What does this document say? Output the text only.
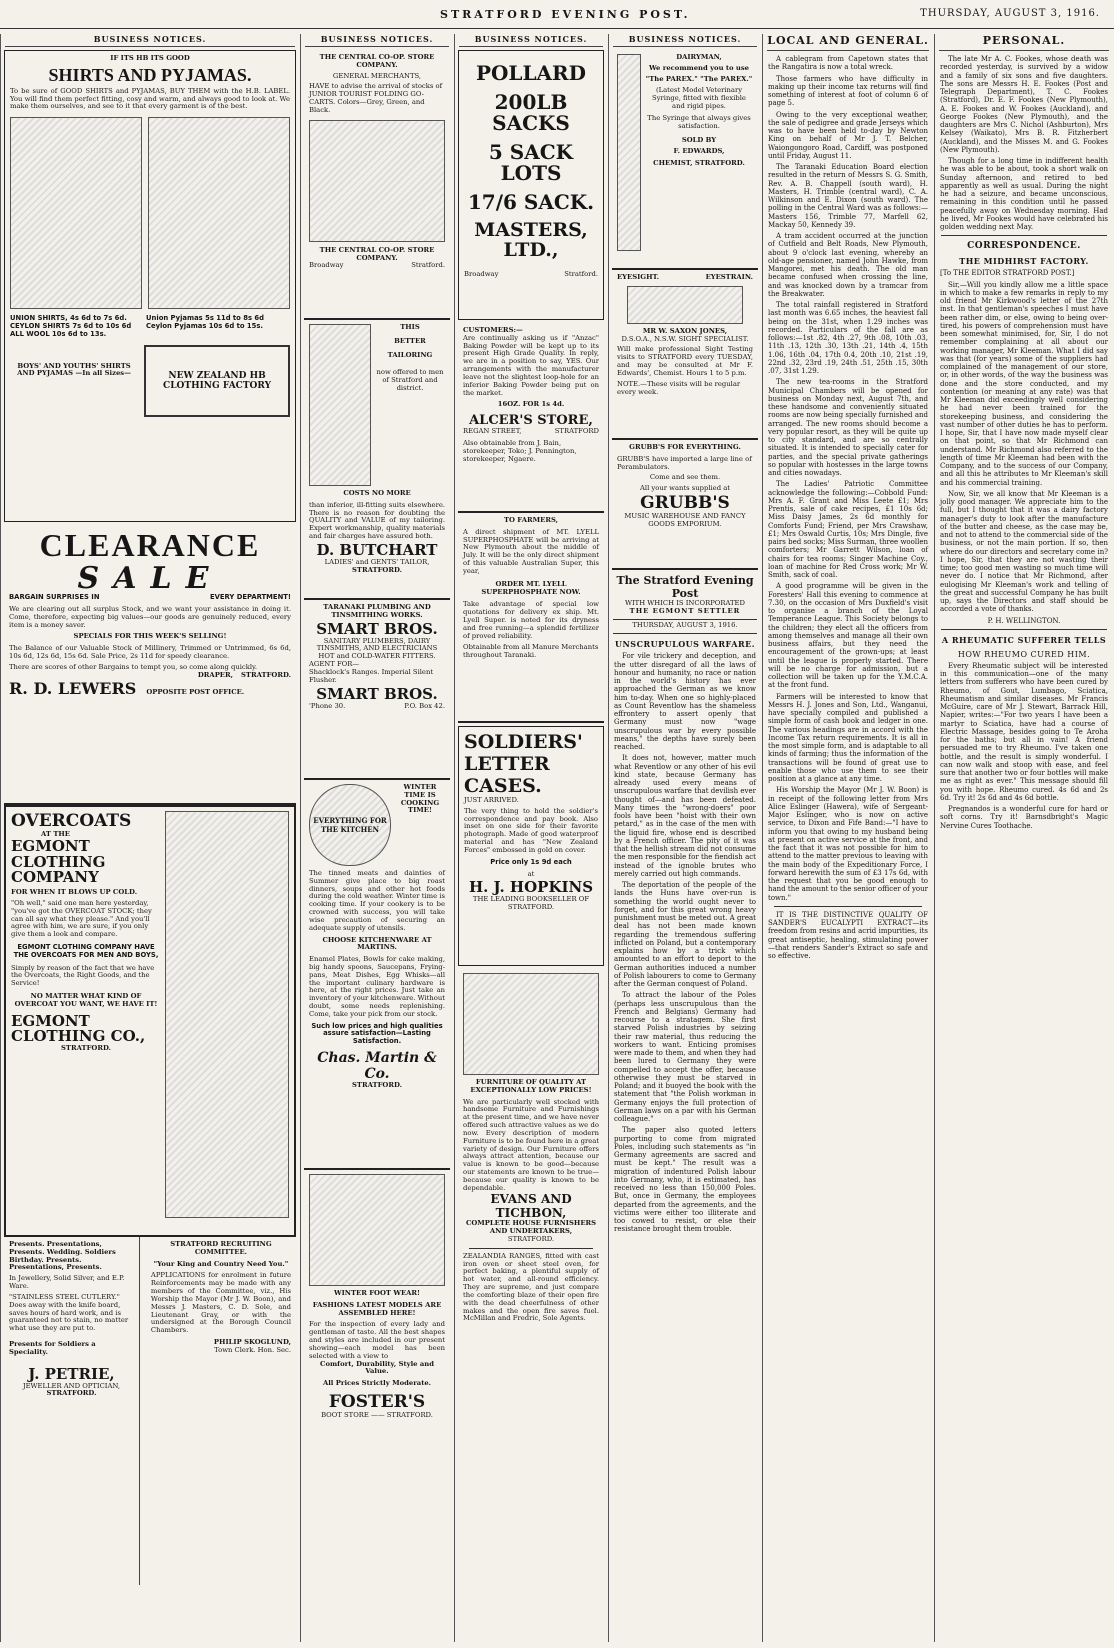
STRATFORD EVENING POST.	THURSDAY, AUGUST 3, 1916.
BUSINESS NOTICES.
IF ITS HB ITS GOOD
SHIRTS AND PYJAMAS.
To be sure of GOOD SHIRTS and PYJAMAS, BUY THEM with the H.B. LABEL. You will find them perfect fitting, cosy and warm, and always good to look at. We make them ourselves, and see to it that every garment is of the best.
UNION SHIRTS, 4s 6d to 7s 6d. CEYLON SHIRTS 7s 6d to 10s 6d ALL WOOL 10s 6d to 13s.
Union Pyjamas 5s 11d to 8s 6d Ceylon Pyjamas 10s 6d to 15s.
BOYS' AND YOUTHS' SHIRTS AND PYJAMAS —In all Sizes—	NEW ZEALAND HB CLOTHING FACTORY
CLEARANCE
SALE
BARGAIN SURPRISES IN	EVERY DEPARTMENT!
We are clearing out all surplus Stock, and we want your assistance in doing it. Come, therefore, expecting big values—our goods are genuinely reduced, every item is a money saver.
SPECIALS FOR THIS WEEK'S SELLING!
The Balance of our Valuable Stock of Millinery, Trimmed or Untrimmed, 6s 6d, 10s 6d, 12s 6d, 15s 6d. Sale Price, 2s 11d for speedy clearance.
There are scores of other Bargains to tempt you, so come along quickly.
DRAPER, STRATFORD.
R. D. LEWERS OPPOSITE POST OFFICE.
OVERCOATS
AT THE
EGMONT CLOTHING COMPANY
FOR WHEN IT BLOWS UP COLD.
"Oh well," said one man here yesterday, "you've got the OVERCOAT STOCK; they can all say what they please." And you'll agree with him, we are sure, if you only give them a look and compare.
EGMONT CLOTHING COMPANY HAVE THE OVERCOATS FOR MEN AND BOYS,
Simply by reason of the fact that we have the Overcoats, the Right Goods, and the Service!
NO MATTER WHAT KIND OF OVERCOAT YOU WANT, WE HAVE IT!
EGMONT CLOTHING CO.,
STRATFORD.
Presents. Presentations, Presents. Wedding. Soldiers Birthday. Presents. Presentations, Presents.
In Jewellery, Solid Silver, and E.P. Ware.
"STAINLESS STEEL CUTLERY." Does away with the knife board, saves hours of hard work, and is guaranteed not to stain, no matter what use they are put to.
Presents for Soldiers a Speciality.
J. PETRIE,
JEWELLER AND OPTICIAN,
STRATFORD.
STRATFORD RECRUITING COMMITTEE.
"Your King and Country Need You."
APPLICATIONS for enrolment in future Reinforcements may be made with any members of the Committee, viz., His Worship the Mayor (Mr J. W. Boon), and Messrs J. Masters, C. D. Sole, and Lieutenant Gray, or with the undersigned at the Borough Council Chambers.
PHILIP SKOGLUND,
Town Clerk. Hon. Sec.
BUSINESS NOTICES.
THE CENTRAL CO-OP. STORE COMPANY.
GENERAL MERCHANTS,
HAVE to advise the arrival of stocks of JUNIOR TOURIST FOLDING GO-CARTS. Colors—Grey, Green, and Black.
THE CENTRAL CO-OP. STORE COMPANY.
Broadway	Stratford.
THIS
BETTER
TAILORING
now offered to men of Stratford and district.
COSTS NO MORE
than inferior, ill-fitting suits elsewhere. There is no reason for doubting the QUALITY and VALUE of my tailoring. Expert workmanship, quality materials and fair charges have assured both.
D. BUTCHART
LADIES' and GENTS' TAILOR,
STRATFORD.
TARANAKI PLUMBING AND TINSMITHING WORKS.
SMART BROS.
SANITARY PLUMBERS, DAIRY TINSMITHS, AND ELECTRICIANS
HOT and COLD-WATER FITTERS.
AGENT FOR—
Shacklock's Ranges. Imperial Silent Flusher.
SMART BROS.
'Phone 30.	P.O. Box 42.
EVERYTHING FOR THE KITCHEN
WINTER TIME IS COOKING TIME!
The tinned meats and dainties of Summer give place to big roast dinners, soups and other hot foods during the cold weather. Winter time is cooking time. If your cookery is to be crowned with success, you will take wise precaution of securing an adequate supply of utensils.
CHOOSE KITCHENWARE AT MARTINS.
Enamel Plates, Bowls for cake making, big handy spoons, Saucepans, Frying-pans, Meat Dishes, Egg Whisks—all the important culinary hardware is here, at the right prices. Just take an inventory of your kitchenware. Without doubt, some needs replenishing. Come, take your pick from our stock.
Such low prices and high qualities assure satisfaction—Lasting Satisfaction.
Chas. Martin & Co.
STRATFORD.
WINTER FOOT WEAR!
FASHIONS LATEST MODELS ARE ASSEMBLED HERE!
For the inspection of every lady and gentleman of taste. All the best shapes and styles are included in our present showing—each model has been selected with a view to
Comfort, Durability, Style and Value.
All Prices Strictly Moderate.
FOSTER'S
BOOT STORE —— STRATFORD.
BUSINESS NOTICES.
POLLARD
200LB SACKS
5 SACK LOTS
17/6 SACK.
MASTERS, LTD.,
Broadway	Stratford.
CUSTOMERS:—
Are continually asking us if "Anzac" Baking Powder will be kept up to its present High Grade Quality. In reply, we are in a position to say, YES. Our arrangements with the manufacturer leave not the slightest loop-hole for an inferior Baking Powder being put on the market.
16OZ. FOR 1s 4d.
ALCER'S STORE,
REGAN STREET,	STRATFORD
Also obtainable from J. Bain, storekeeper, Toko; J. Pennington, storekeeper, Ngaere.
TO FARMERS,
A direct shipment of MT. LYELL SUPERPHOSPHATE will be arriving at New Plymouth about the middle of July. It will be the only direct shipment of this valuable Australian Super, this year,
ORDER MT. LYELL SUPERPHOSPHATE NOW.
Take advantage of special low quotations for delivery ex ship. Mt. Lyell Super. is noted for its dryness and free running—a splendid fertilizer of proved reliability.
Obtainable from all Manure Merchants throughout Taranaki.
SOLDIERS'
LETTER
CASES.
JUST ARRIVED.
The very thing to hold the soldier's correspondence and pay book. Also inset on one side for their favorite photograph. Made of good waterproof material and has "New Zealand Forces" embossed in gold on cover.
Price only 1s 9d each
at
H. J. HOPKINS
THE LEADING BOOKSELLER OF STRATFORD.
FURNITURE OF QUALITY AT EXCEPTIONALLY LOW PRICES!
We are particularly well stocked with handsome Furniture and Furnishings at the present time, and we have never offered such attractive values as we do now. Every description of modern Furniture is to be found here in a great variety of design. Our Furniture offers always attract attention, because our value is known to be good—because our statements are known to be true—because our quality is known to be dependable.
EVANS AND TICHBON,
COMPLETE HOUSE FURNISHERS AND UNDERTAKERS,
STRATFORD.
ZEALANDIA RANGES, fitted with cast iron oven or sheet steel oven, for perfect baking, a plentiful supply of hot water, and all-round efficiency. They are supreme, and just compare the comforting blaze of their open fire with the dead cheerfulness of other makes and the open fire saves fuel. McMillan and Fredric, Sole Agents.
BUSINESS NOTICES.
DAIRYMAN,
We recommend you to use
"The PAREX." "The PAREX."
(Latest Model Veterinary Syringe, fitted with flexible and rigid pipes.
The Syringe that always gives satisfaction.
SOLD BY
F. EDWARDS,
CHEMIST, STRATFORD.
EYESIGHT.	EYESTRAIN.
MR W. SAXON JONES,
D.S.O.A., N.S.W. SIGHT SPECIALIST.
Will make professional Sight Testing visits to STRATFORD every TUESDAY, and may be consulted at Mr F. Edwards', Chemist. Hours 1 to 5 p.m.
NOTE.—These visits will be regular every week.
GRUBB'S FOR EVERYTHING.
GRUBB'S have imported a large line of Perambulators.
Come and see them.
All your wants supplied at
GRUBB'S
MUSIC WAREHOUSE AND FANCY GOODS EMPORIUM.
The Stratford Evening Post
WITH WHICH IS INCORPORATED
THE EGMONT SETTLER
THURSDAY, AUGUST 3, 1916.
UNSCRUPULOUS WARFARE.

For vile trickery and deception, and the utter disregard of all the laws of honour and humanity, no race or nation in the world's history has ever approached the German as we know him to-day. When one so highly-placed as Count Reventlow has the shameless effrontery to assert openly that Germany must now "wage unscrupulous war by every possible means," the depths have surely been reached.

It does not, however, matter much what Reventlow or any other of his evil kind state, because Germany has already used every means of unscrupulous warfare that devilish ever thought of—and has been defeated. Many times the "wrong-doers" poor fools have been "hoist with their own petard," as in the case of the men with the liquid fire, whose end is described by a French officer. The pity of it was that the hellish stream did not consume the men responsible for the fiendish act instead of the ignoble brutes who merely carried out high commands.

The deportation of the people of the lands the Huns have over-run is something the world ought never to forget, and for this great wrong heavy punishment must be meted out. A great deal has not been made known regarding the tremendous suffering inflicted on Poland, but a contemporary explains how by a trick which amounted to an effort to deport to the German authorities induced a number of Polish labourers to come to Germany after the German conquest of Poland.

To attract the labour of the Poles (perhaps less unscrupulous than the French and Belgians) Germany had recourse to a stratagem. She first starved Polish industries by seizing their raw material, thus reducing the workers to want. Enticing promises were made to them, and when they had been lured to Germany they were compelled to accept the offer, because otherwise they must be starved in Poland; and it buoyed the book with the statement that "the Polish workman in Germany enjoys the full protection of German laws on a par with his German colleague."

The paper also quoted letters purporting to come from migrated Poles, including such statements as "in Germany agreements are sacred and must be kept." The result was a migration of indentured Polish labour into Germany, who, it is estimated, has received no less than 150,000 Poles. But, once in Germany, the employees departed from the agreements, and the victims were either too illiterate and too cowed to resist, or else their resistance brought them trouble.

LOCAL AND GENERAL.

A cablegram from Capetown states that the Rangatira is now a total wreck.

Those farmers who have difficulty in making up their income tax returns will find something of interest at foot of column 6 of page 5.

Owing to the very exceptional weather, the sale of pedigree and grade Jerseys which was to have been held to-day by Newton King on behalf of Mr J. T. Belcher, Waiongongoro Road, Cardiff, was postponed until Friday, August 11.

The Taranaki Education Board election resulted in the return of Messrs S. G. Smith, Rev. A. B. Chappell (south ward), H. Masters, H. Trimble (central ward), C. A. Wilkinson and E. Dixon (south ward). The polling in the Central Ward was as follows:—Masters 156, Trimble 77, Marfell 62, Mackay 50, Kennedy 39.

A tram accident occurred at the junction of Cutfield and Belt Roads, New Plymouth, about 9 o'clock last evening, whereby an old-age pensioner, named John Hawke, from Mangorei, met his death. The old man became confused when crossing the line, and was knocked down by a tramcar from the Breakwater.

The total rainfall registered in Stratford last month was 6.65 inches, the heaviest fall being on the 31st, when 1.29 inches was recorded. Particulars of the fall are as follows:—1st .82, 4th .27, 9th .08, 10th .03, 11th .13, 12th .30, 13th .21, 14th .4, 15th 1.06, 16th .04, 17th 0.4, 20th .10, 21st .19, 22nd .32, 23rd .19, 24th .51, 25th .15, 30th .07, 31st 1.29.

The new tea-rooms in the Stratford Municipal Chambers will be opened for business on Monday next, August 7th, and these handsome and conveniently situated rooms are now being specially furnished and arranged. The new rooms should become a very popular resort, as they will be quite up to city standard, and are so centrally situated. It is intended to specially cater for parties, and the special private gatherings so popular with hostesses in the large towns and cities nowadays.

The Ladies' Patriotic Committee acknowledge the following:—Cobbold Fund: Mrs A. F. Grant and Miss Leete £1; Mrs Prentis, sale of cake recipes, £1 10s 6d; Miss Daisy James, 2s 6d monthly for Comforts Fund; Friend, per Mrs Crawshaw, £1; Mrs Oswald Curtis, 10s; Mrs Dingle, five pairs bed socks; Miss Surman, three woollen comforters; Mr Garrett Wilson, loan of chairs for tea rooms; Singer Machine Coy., loan of machine for Red Cross work; Mr W. Smith, sack of coal.

A good programme will be given in the Foresters' Hall this evening to commence at 7.30, on the occasion of Mrs Duxfield's visit to organise a branch of the Loyal Temperance League. This Society belongs to the children; they elect all the officers from among themselves and manage all their own business affairs, but they need the encouragement of the grown-ups; at least until the league is properly started. There will be no charge for admission, but a collection will be taken up for the Y.M.C.A. at the front fund.

Farmers will be interested to know that Messrs H. J. Jones and Son, Ltd., Wanganui, have specially compiled and published a simple form of cash book and ledger in one. The various headings are in accord with the Income Tax return requirements. It is all in the most simple form, and is adaptable to all kinds of farming; thus the information of the transactions will be found of great use to enable those who use them to see their position at a glance at any time.

His Worship the Mayor (Mr J. W. Boon) is in receipt of the following letter from Mrs Alice Eslinger (Hawera), wife of Sergeant-Major Eslinger, who is now on active service, to Dixon and Fife Band:—"I have to inform you that owing to my husband being at present on active service at the front, and the fact that it was not possible for him to attend to the matter previous to leaving with the main body of the Expeditionary Force, I forward herewith the sum of £3 17s 6d, with the request that you be good enough to hand the amount to the senior officer of your town."

IT IS THE DISTINCTIVE QUALITY OF SANDER'S EUCALYPTI EXTRACT—its freedom from resins and acrid impurities, its great antiseptic, healing, stimulating power—that renders Sander's Extract so safe and so effective.

PERSONAL.

The late Mr A. C. Fookes, whose death was recorded yesterday, is survived by a widow and a family of six sons and five daughters. The sons are Messrs H. E. Fookes (Post and Telegraph Department), T. C. Fookes (Stratford), Dr. E. F. Fookes (New Plymouth), A. E. Fookes and W. Fookes (Auckland), and George Fookes (New Plymouth), and the daughters are Mrs C. Nichol (Ashburton), Mrs Kelsey (Waikato), Mrs B. R. Fitzherbert (Auckland), and the Misses M. and G. Fookes (New Plymouth).

Though for a long time in indifferent health he was able to be about, took a short walk on Sunday afternoon, and retired to bed apparently as well as usual. During the night he had a seizure, and became unconscious, remaining in this condition until he passed peacefully away on Wednesday morning. Had he lived, Mr Fookes would have celebrated his golden wedding next May.

CORRESPONDENCE.
THE MIDHIRST FACTORY.

[To THE EDITOR STRATFORD POST.]

Sir,—Will you kindly allow me a little space in which to make a few remarks in reply to my old friend Mr Kirkwood's letter of the 27th inst. In that gentleman's speeches I must have been rather dim, or else, owing to being over-tired, his powers of comprehension must have been somewhat minimised, for, Sir, I do not remember complaining at all about our working manager, Mr Kleeman. What I did say was that (for years) some of the suppliers had complained of the management of our store, or, in other words, of the way the business was done and the store conducted, and my contention (or meaning at any rate) was that Mr Kleeman did exceedingly well considering he had never been trained for the storekeeping business, and considering the vast number of other duties he has to perform. I hope, Sir, that I have now made myself clear on that point, so that Mr Richmond can understand. Mr Richmond also referred to the length of time Mr Kleeman had been with the Company, and to the success of our Company, and all this he attributes to Mr Kleeman's skill and his commercial training.

Now, Sir, we all know that Mr Kleeman is a jolly good manager. We appreciate him to the full, but I thought that it was a dairy factory manager's duty to look after the manufacture of the butter and cheese, as the case may be, and not to attend to the commercial side of the business, or not the main portion. If so, then where do our directors and secretary come in? I hope, Sir, that they are not wasting their time; too good men wasting so much time will never do. I notice that Mr Richmond, after eulogising Mr Kleeman's work and telling of the great and successful Company he has built up, says the Directors and staff should be accorded a vote of thanks.

P. H. WELLINGTON.

A RHEUMATIC SUFFERER TELLS
HOW RHEUMO CURED HIM.

Every Rheumatic subject will be interested in this communication—one of the many letters from sufferers who have been cured by Rheumo, of Gout, Lumbago, Sciatica, Rheumatism and similar diseases. Mr Francis McGuire, care of Mr J. Stewart, Barrack Hill, Napier, writes:—"For two years I have been a martyr to Sciatica, have had a course of Electric Massage, besides going to Te Aroha for the baths; but all in vain! A friend persuaded me to try Rheumo. I've taken one bottle, and the result is simply wonderful. I can now walk and stoop with ease, and feel sure that another two or four bottles will make me as right as ever." This message should fill you with hope. Rheumo cured. 4s 6d and 2s 6d. Try it! 2s 6d and 4s 6d bottle.

Pregnandos is a wonderful cure for hard or soft corns. Try it! Barnsdbright's Magic Nervine Cures Toothache.
